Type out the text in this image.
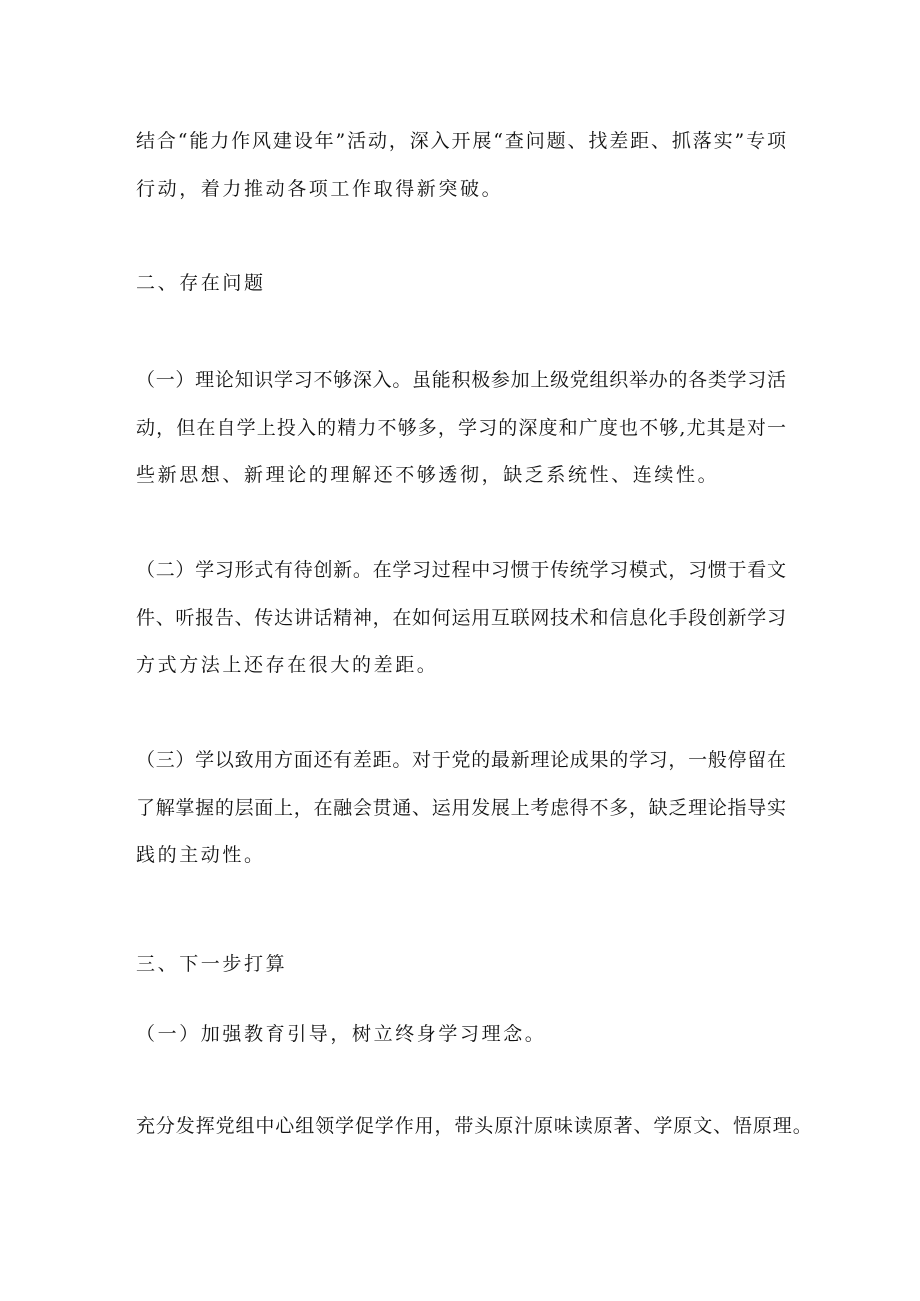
结合“能力作风建设年”活动，深入开展“查问题、找差距、抓落实”专项
行动，着力推动各项工作取得新突破。
二、存在问题
（一）理论知识学习不够深入。虽能积极参加上级党组织举办的各类学习活
动，但在自学上投入的精力不够多，学习的深度和广度也不够,尤其是对一
些新思想、新理论的理解还不够透彻，缺乏系统性、连续性。
（二）学习形式有待创新。在学习过程中习惯于传统学习模式，习惯于看文
件、听报告、传达讲话精神，在如何运用互联网技术和信息化手段创新学习
方式方法上还存在很大的差距。
（三）学以致用方面还有差距。对于党的最新理论成果的学习，一般停留在
了解掌握的层面上，在融会贯通、运用发展上考虑得不多，缺乏理论指导实
践的主动性。
三、下一步打算
（一）加强教育引导，树立终身学习理念。
充分发挥党组中心组领学促学作用，带头原汁原味读原著、学原文、悟原理。
